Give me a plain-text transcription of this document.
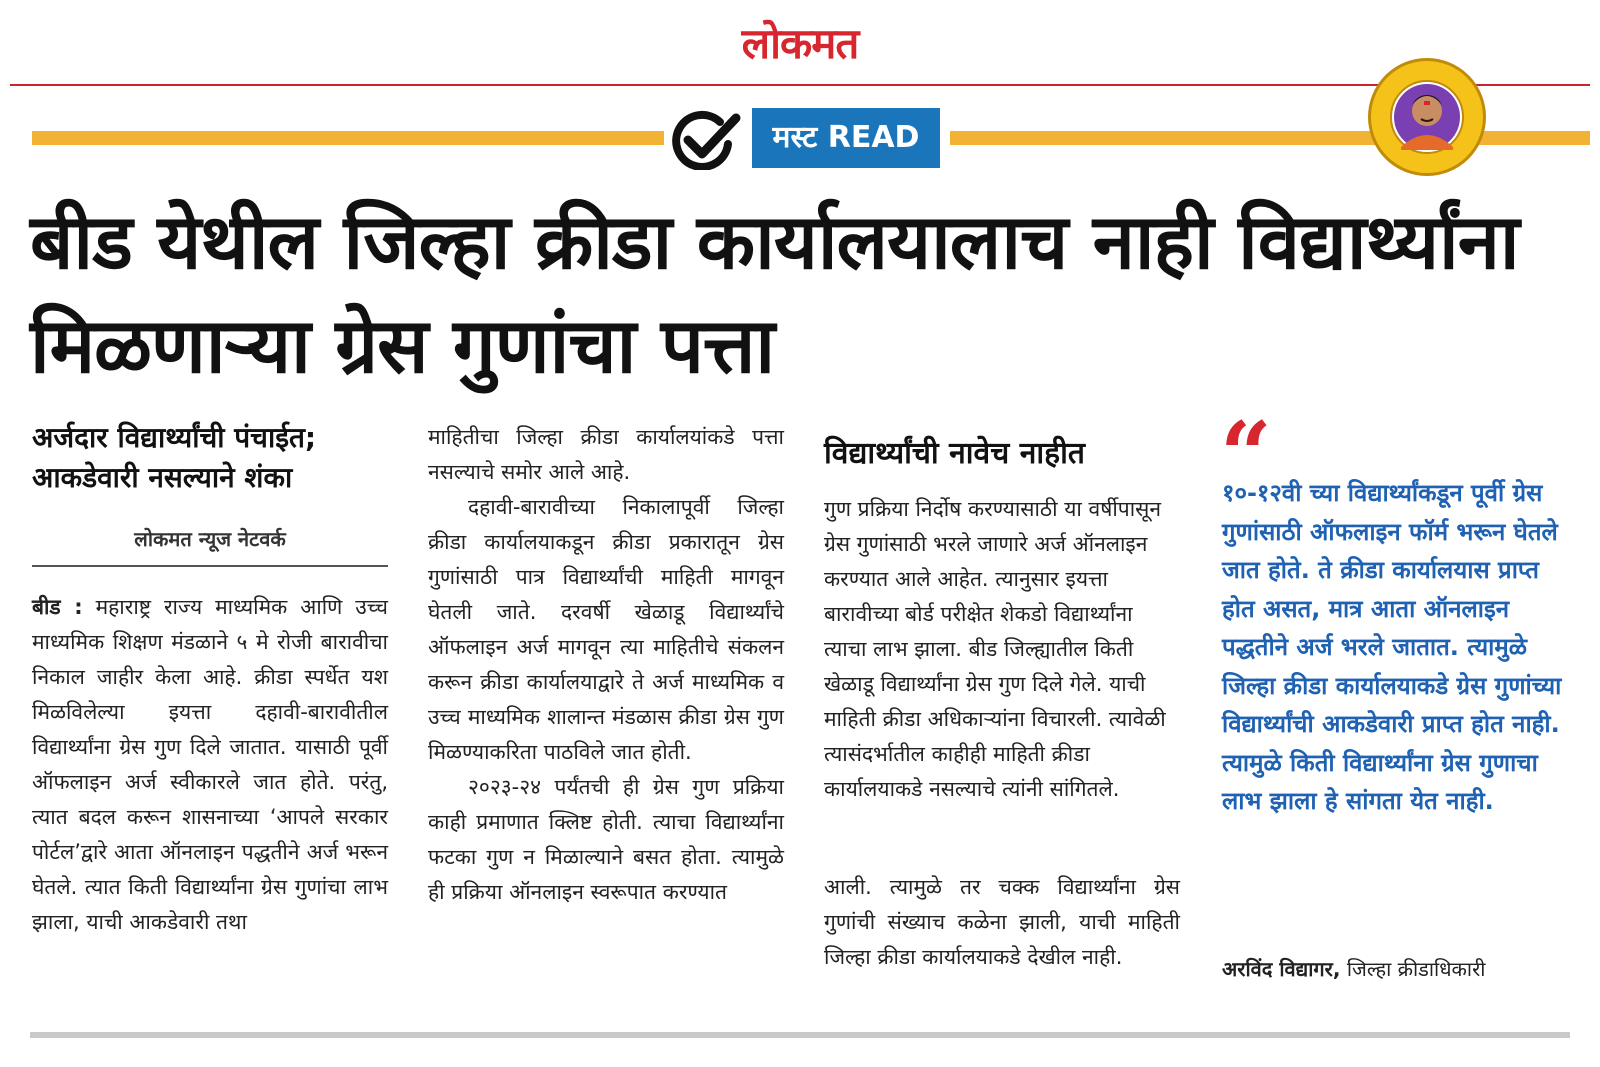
लोकमत
मस्ट READ
बीड येथील जिल्हा क्रीडा कार्यालयालाच नाही विद्यार्थ्यांना मिळणाऱ्या ग्रेस गुणांचा पत्ता
अर्जदार विद्यार्थ्यांची पंचाईत; आकडेवारी नसल्याने शंका
लोकमत न्यूज नेटवर्क

बीड : महाराष्ट्र राज्य माध्यमिक आणि उच्च माध्यमिक शिक्षण मंडळाने ५ मे रोजी बारावीचा निकाल जाहीर केला आहे. क्रीडा स्पर्धेत यश मिळविलेल्या इयत्ता दहावी-बारावीतील विद्यार्थ्यांना ग्रेस गुण दिले जातात. यासाठी पूर्वी ऑफलाइन अर्ज स्वीकारले जात होते. परंतु, त्यात बदल करून शासनाच्या ‘आपले सरकार पोर्टल’द्वारे आता ऑनलाइन पद्धतीने अर्ज भरून घेतले. त्यात किती विद्यार्थ्यांना ग्रेस गुणांचा लाभ झाला, याची आकडेवारी तथा

माहितीचा जिल्हा क्रीडा कार्यालयांकडे पत्ता नसल्याचे समोर आले आहे.

दहावी-बारावीच्या निकालापूर्वी जिल्हा क्रीडा कार्यालयाकडून क्रीडा प्रकारातून ग्रेस गुणांसाठी पात्र विद्यार्थ्यांची माहिती मागवून घेतली जाते. दरवर्षी खेळाडू विद्यार्थ्यांचे ऑफलाइन अर्ज मागवून त्या माहितीचे संकलन करून क्रीडा कार्यालयाद्वारे ते अर्ज माध्यमिक व उच्च माध्यमिक शालान्त मंडळास क्रीडा ग्रेस गुण मिळण्याकरिता पाठविले जात होती.

२०२३-२४ पर्यंतची ही ग्रेस गुण प्रक्रिया काही प्रमाणात क्लिष्ट होती. त्याचा विद्यार्थ्यांना फटका गुण न मिळाल्याने बसत होता. त्यामुळे ही प्रक्रिया ऑनलाइन स्वरूपात करण्यात

विद्यार्थ्यांची नावेच नाहीत

गुण प्रक्रिया निर्दोष करण्यासाठी या वर्षीपासून ग्रेस गुणांसाठी भरले जाणारे अर्ज ऑनलाइन करण्यात आले आहेत. त्यानुसार इयत्ता बारावीच्या बोर्ड परीक्षेत शेकडो विद्यार्थ्यांना त्याचा लाभ झाला. बीड जिल्ह्यातील किती खेळाडू विद्यार्थ्यांना ग्रेस गुण दिले गेले. याची माहिती क्रीडा अधिकाऱ्यांना विचारली. त्यावेळी त्यासंदर्भातील काहीही माहिती क्रीडा कार्यालयाकडे नसल्याचे त्यांनी सांगितले.

आली. त्यामुळे तर चक्क विद्यार्थ्यांना ग्रेस गुणांची संख्याच कळेना झाली, याची माहिती जिल्हा क्रीडा कार्यालयाकडे देखील नाही.

“

१०-१२वी च्या विद्यार्थ्यांकडून पूर्वी ग्रेस गुणांसाठी ऑफलाइन फॉर्म भरून घेतले जात होते. ते क्रीडा कार्यालयास प्राप्त होत असत, मात्र आता ऑनलाइन पद्धतीने अर्ज भरले जातात. त्यामुळे जिल्हा क्रीडा कार्यालयाकडे ग्रेस गुणांच्या विद्यार्थ्यांची आकडेवारी प्राप्त होत नाही. त्यामुळे किती विद्यार्थ्यांना ग्रेस गुणाचा लाभ झाला हे सांगता येत नाही.

अरविंद विद्यागर, जिल्हा क्रीडाधिकारी
